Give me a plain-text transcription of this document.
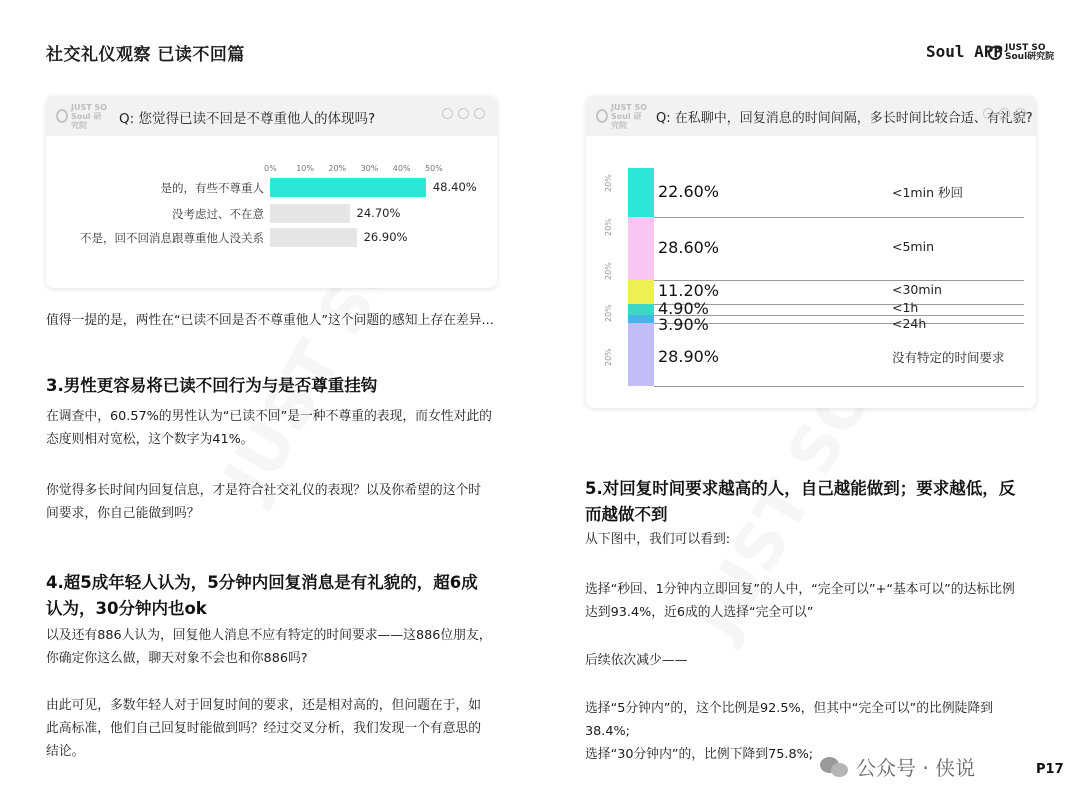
社交礼仪观察 已读不回篇	Soul APP JUST SO
Soul研究院
JUST SO
Soul 研究院	Q: 您觉得已读不回是不尊重他人的体现吗?
0% 10% 20% 30% 40% 50%
是的，有些不尊重人	48.40%
没考虑过、不在意	24.70%
不是，回不回消息跟尊重他人没关系	26.90%
JUST SO
Soul 研究院	Q: 在私聊中，回复消息的时间间隔，多长时间比较合适、有礼貌?
20%
20%
20%
20%
20%
22.60%	<1min 秒回
28.60%	<5min
11.20%	<30min
4.90%	<1h
3.90%	<24h
28.90%	没有特定的时间要求
值得一提的是，两性在“已读不回是否不尊重他人”这个问题的感知上存在差异...
3.男性更容易将已读不回行为与是否尊重挂钩
在调查中，60.57%的男性认为“已读不回”是一种不尊重的表现，而女性对此的
态度则相对宽松，这个数字为41%。
你觉得多长时间内回复信息，才是符合社交礼仪的表现？以及你希望的这个时
间要求，你自己能做到吗？
4.超5成年轻人认为，5分钟内回复消息是有礼貌的，超6成
认为，30分钟内也ok
以及还有886人认为，回复他人消息不应有特定的时间要求——这886位朋友，
你确定你这么做，聊天对象不会也和你886吗?
由此可见，多数年轻人对于回复时间的要求，还是相对高的，但问题在于，如
此高标准，他们自己回复时能做到吗？经过交叉分析，我们发现一个有意思的
结论。
5.对回复时间要求越高的人，自己越能做到；要求越低，反
而越做不到
从下图中，我们可以看到:
选择“秒回、1分钟内立即回复”的人中，“完全可以”+“基本可以”的达标比例
达到93.4%，近6成的人选择“完全可以”
后续依次减少——
选择“5分钟内”的，这个比例是92.5%，但其中“完全可以”的比例陡降到
38.4%;
选择“30分钟内”的，比例下降到75.8%;
公众号 · 侠说	P17
